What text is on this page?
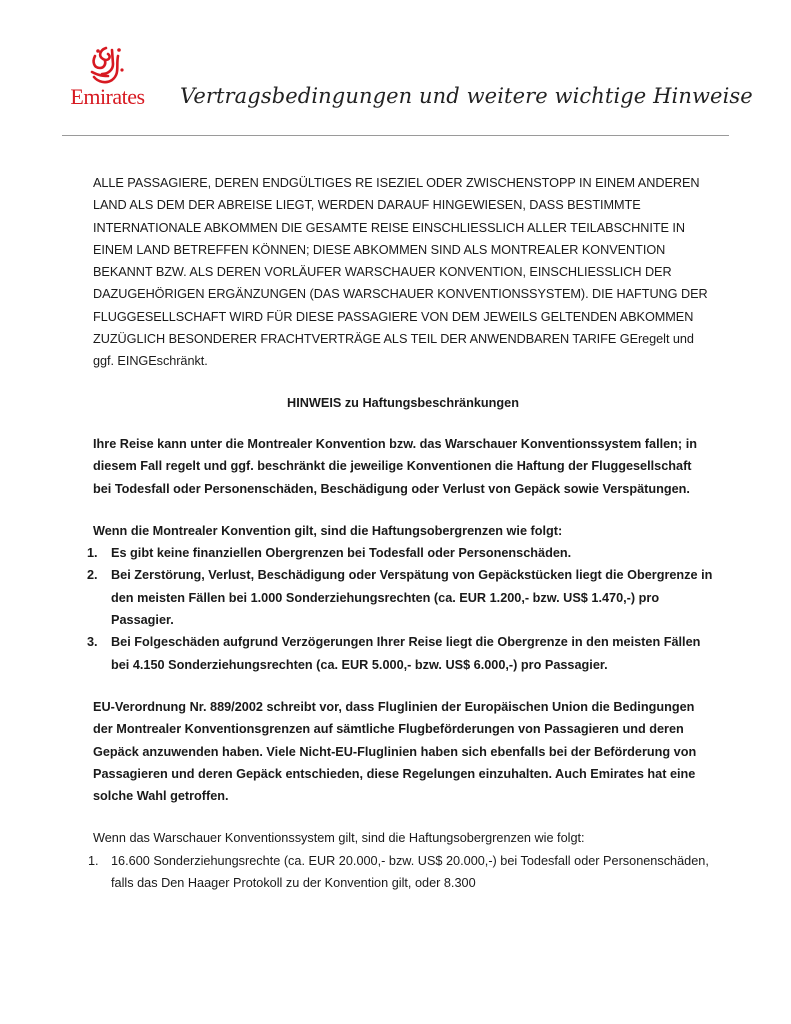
Emirates	Vertragsbedingungen und weitere wichtige Hinweise

ALLE PASSAGIERE, DEREN ENDGÜLTIGES RE ISEZIEL ODER ZWISCHENSTOPP IN EINEM ANDEREN LAND ALS DEM DER ABREISE LIEGT, WERDEN DARAUF HINGEWIESEN, DASS BESTIMMTE INTERNATIONALE ABKOMMEN DIE GESAMTE REISE EINSCHLIESSLICH ALLER TEILABSCHNITE IN EINEM LAND BETREFFEN KÖNNEN; DIESE ABKOMMEN SIND ALS MONTREALER KONVENTION BEKANNT BZW. ALS DEREN VORLÄUFER WARSCHAUER KONVENTION, EINSCHLIESSLICH DER DAZUGEHÖRIGEN ERGÄNZUNGEN (DAS WARSCHAUER KONVENTIONSSYSTEM). DIE HAFTUNG DER FLUGGESELLSCHAFT WIRD FÜR DIESE PASSAGIERE VON DEM JEWEILS GELTENDEN ABKOMMEN ZUZÜGLICH BESONDERER FRACHTVERTRÄGE ALS TEIL DER ANWENDBAREN TARIFE GEregelt und ggf. EINGEschränkt.

HINWEIS zu Haftungsbeschränkungen

Ihre Reise kann unter die Montrealer Konvention bzw. das Warschauer Konventionssystem fallen; in diesem Fall regelt und ggf. beschränkt die jeweilige Konventionen die Haftung der Fluggesellschaft bei Todesfall oder Personenschäden, Beschädigung oder Verlust von Gepäck sowie Verspätungen.

Wenn die Montrealer Konvention gilt, sind die Haftungsobergrenzen wie folgt:

1. Es gibt keine finanziellen Obergrenzen bei Todesfall oder Personenschäden.
2. Bei Zerstörung, Verlust, Beschädigung oder Verspätung von Gepäckstücken liegt die Obergrenze in den meisten Fällen bei 1.000 Sonderziehungsrechten (ca. EUR 1.200,- bzw. US$ 1.470,-) pro Passagier.
3. Bei Folgeschäden aufgrund Verzögerungen Ihrer Reise liegt die Obergrenze in den meisten Fällen bei 4.150 Sonderziehungsrechten (ca. EUR 5.000,- bzw. US$ 6.000,-) pro Passagier.

EU-Verordnung Nr. 889/2002 schreibt vor, dass Fluglinien der Europäischen Union die Bedingungen der Montrealer Konventionsgrenzen auf sämtliche Flugbeförderungen von Passagieren und deren Gepäck anzuwenden haben. Viele Nicht-EU-Fluglinien haben sich ebenfalls bei der Beförderung von Passagieren und deren Gepäck entschieden, diese Regelungen einzuhalten. Auch Emirates hat eine solche Wahl getroffen.

Wenn das Warschauer Konventionssystem gilt, sind die Haftungsobergrenzen wie folgt:

1. 16.600 Sonderziehungsrechte (ca. EUR 20.000,- bzw. US$ 20.000,-) bei Todesfall oder Personenschäden, falls das Den Haager Protokoll zu der Konvention gilt, oder 8.300
